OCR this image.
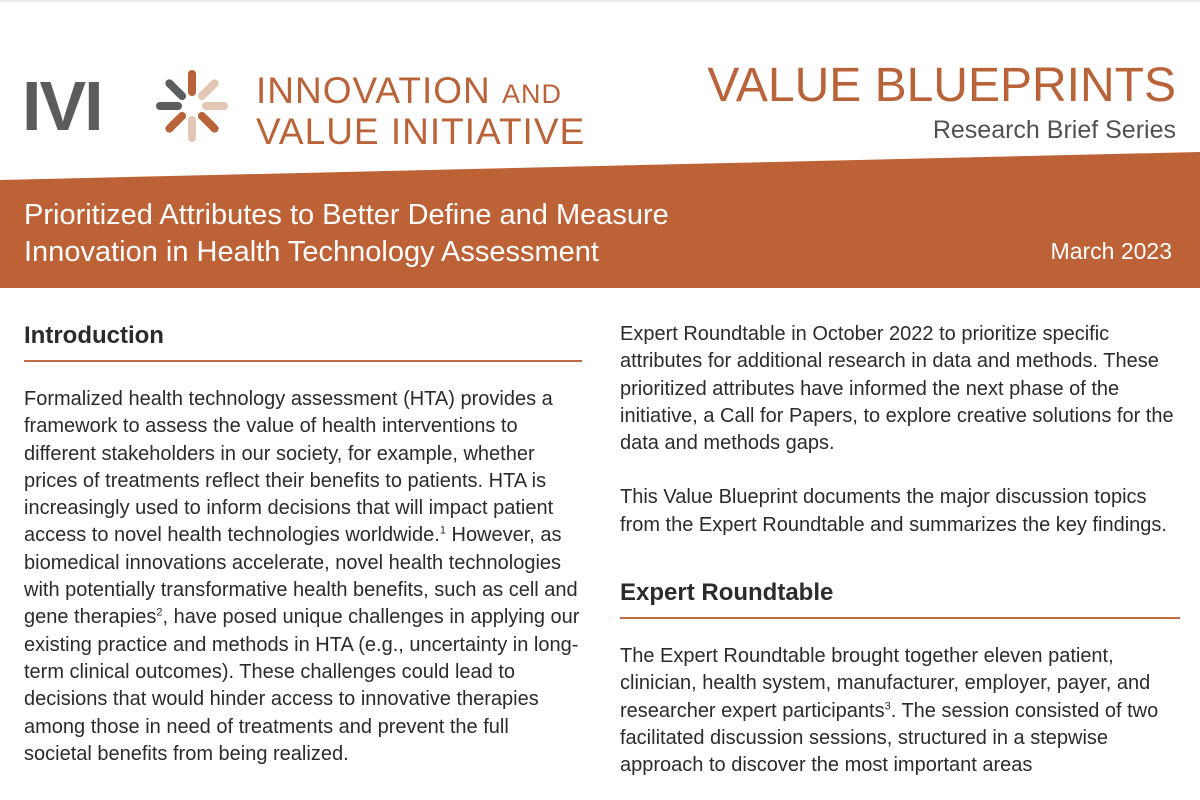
IVI	INNOVATION AND
VALUE INITIATIVE
VALUE BLUEPRINTS
Research Brief Series
Prioritized Attributes to Better Define and Measure
Innovation in Health Technology Assessment	March 2023
Introduction

Formalized health technology assessment (HTA) provides a framework to assess the value of health interventions to different stakeholders in our society, for example, whether prices of treatments reflect their benefits to patients. HTA is increasingly used to inform decisions that will impact patient access to novel health technologies worldwide.$^1$ However, as biomedical innovations accelerate, novel health technologies with potentially transformative health benefits, such as cell and gene therapies$^2$, have posed unique challenges in applying our existing practice and methods in HTA (e.g., uncertainty in long-term clinical outcomes). These challenges could lead to decisions that would hinder access to innovative therapies among those in need of treatments and prevent the full societal benefits from being realized.

Expert Roundtable in October 2022 to prioritize specific attributes for additional research in data and methods. These prioritized attributes have informed the next phase of the initiative, a Call for Papers, to explore creative solutions for the data and methods gaps.

This Value Blueprint documents the major discussion topics from the Expert Roundtable and summarizes the key findings.

Expert Roundtable

The Expert Roundtable brought together eleven patient, clinician, health system, manufacturer, employer, payer, and researcher expert participants$^3$. The session consisted of two facilitated discussion sessions, structured in a stepwise approach to discover the most important areas
